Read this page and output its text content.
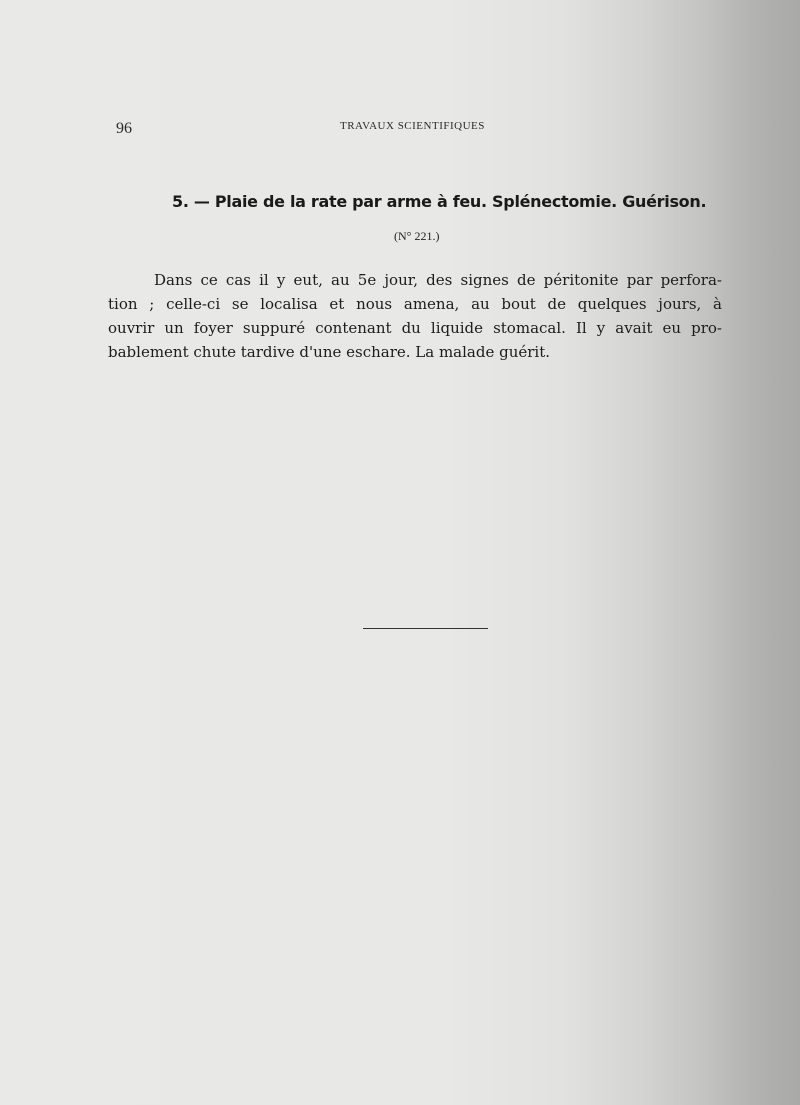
96	TRAVAUX SCIENTIFIQUES
5. — Plaie de la rate par arme à feu. Splénectomie. Guérison.
(N° 221.)
Dans ce cas il y eut, au 5e jour, des signes de péritonite par perfora-
tion ; celle-ci se localisa et nous amena, au bout de quelques jours, à
ouvrir un foyer suppuré contenant du liquide stomacal. Il y avait eu pro-
bablement chute tardive d'une eschare. La malade guérit.
